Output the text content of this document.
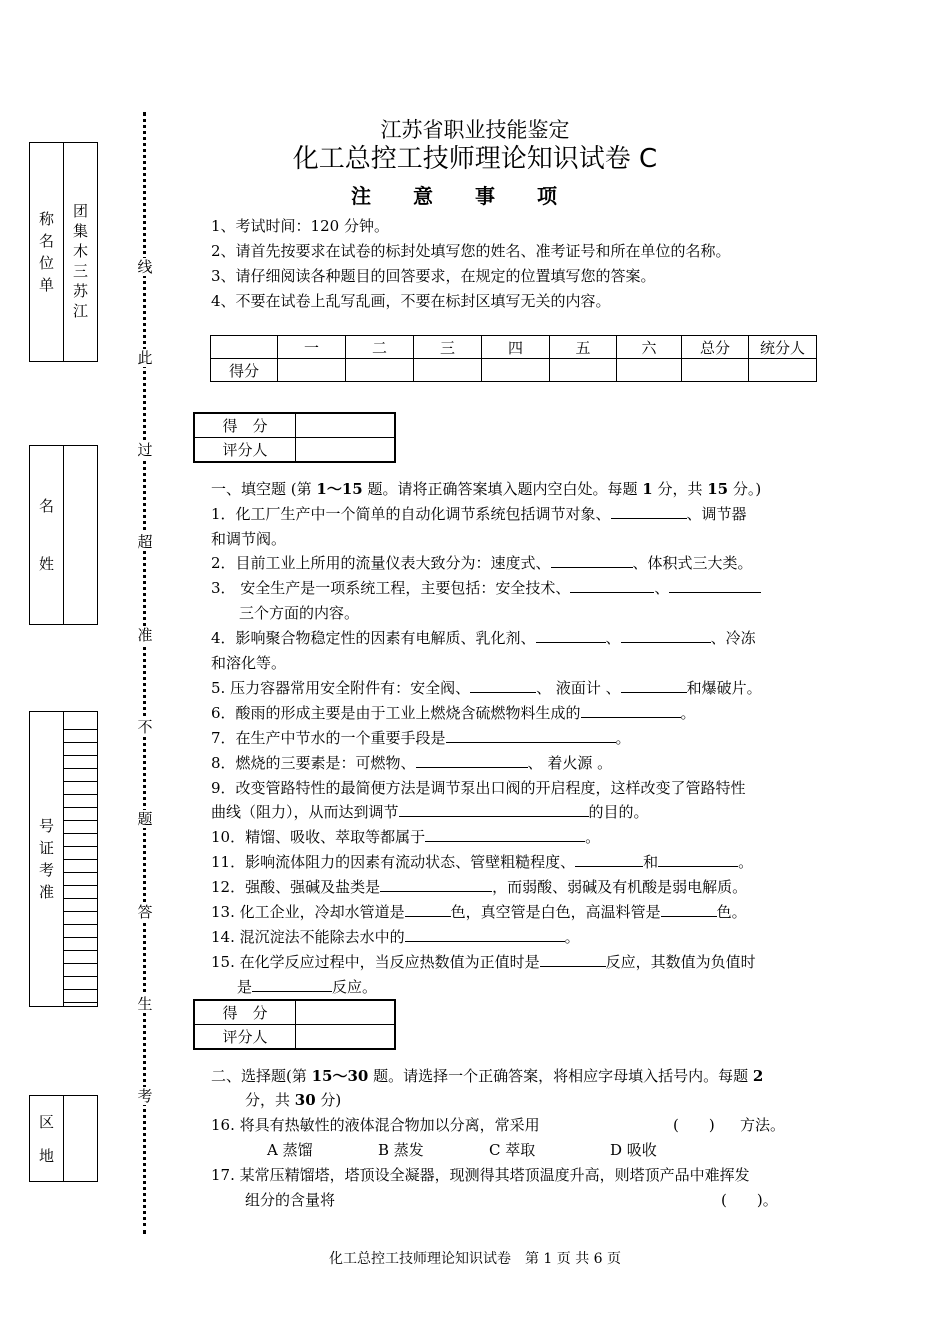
称
名
位
单
团
集
木
三
苏
江
名
姓
号
证
考
准
区
地
线
此
过
超
准
不
题
答
生
考
江苏省职业技能鉴定
化工总控工技师理论知识试卷 C
注意事项
1、考试时间：120 分钟。
2、请首先按要求在试卷的标封处填写您的姓名、准考证号和所在单位的名称。
3、请仔细阅读各种题目的回答要求，在规定的位置填写您的答案。
4、不要在试卷上乱写乱画，不要在标封区填写无关的内容。
	一	二	三	四	五	六	总分	统分人
得分								
得　分	
评分人	
一、填空题 (第 1～15 题。请将正确答案填入题内空白处。每题 1 分，共 15 分。)
1．化工厂生产中一个简单的自动化调节系统包括调节对象、	、调节器
和调节阀。
2．目前工业上所用的流量仪表大致分为：速度式、	、体积式三大类。
3． 安全生产是一项系统工程，主要包括：安全技术、	、
三个方面的内容。
4．影响聚合物稳定性的因素有电解质、乳化剂、	、	、冷冻
和溶化等。
5. 压力容器常用安全附件有：安全阀、	、 液面计 、	和爆破片。
6．酸雨的形成主要是由于工业上燃烧含硫燃物料生成的	。
7．在生产中节水的一个重要手段是	。
8．燃烧的三要素是：可燃物、	、 着火源 。
9．改变管路特性的最简便方法是调节泵出口阀的开启程度，这样改变了管路特性
曲线（阻力），从而达到调节	的目的。
10．精馏、吸收、萃取等都属于	。
11．影响流体阻力的因素有流动状态、管壁粗糙程度、	和	。
12．强酸、强碱及盐类是	，而弱酸、弱碱及有机酸是弱电解质。
13. 化工企业，冷却水管道是	色，真空管是白色，高温料管是	色。
14. 混沉淀法不能除去水中的	。
15. 在化学反应过程中，当反应热数值为正值时是	反应，其数值为负值时
是	反应。
得　分	
评分人	
二、选择题(第 15～30 题。请选择一个正确答案，将相应字母填入括号内。每题 2
分，共 30 分)
16. 将具有热敏性的液体混合物加以分离，常采用	(　　) 方法。
A 蒸馏	B 蒸发	C 萃取	D 吸收
17. 某常压精馏塔，塔顶设全凝器，现测得其塔顶温度升高，则塔顶产品中难挥发
组分的含量将	(　　)。
化工总控工技师理论知识试卷　第 1 页 共 6 页
